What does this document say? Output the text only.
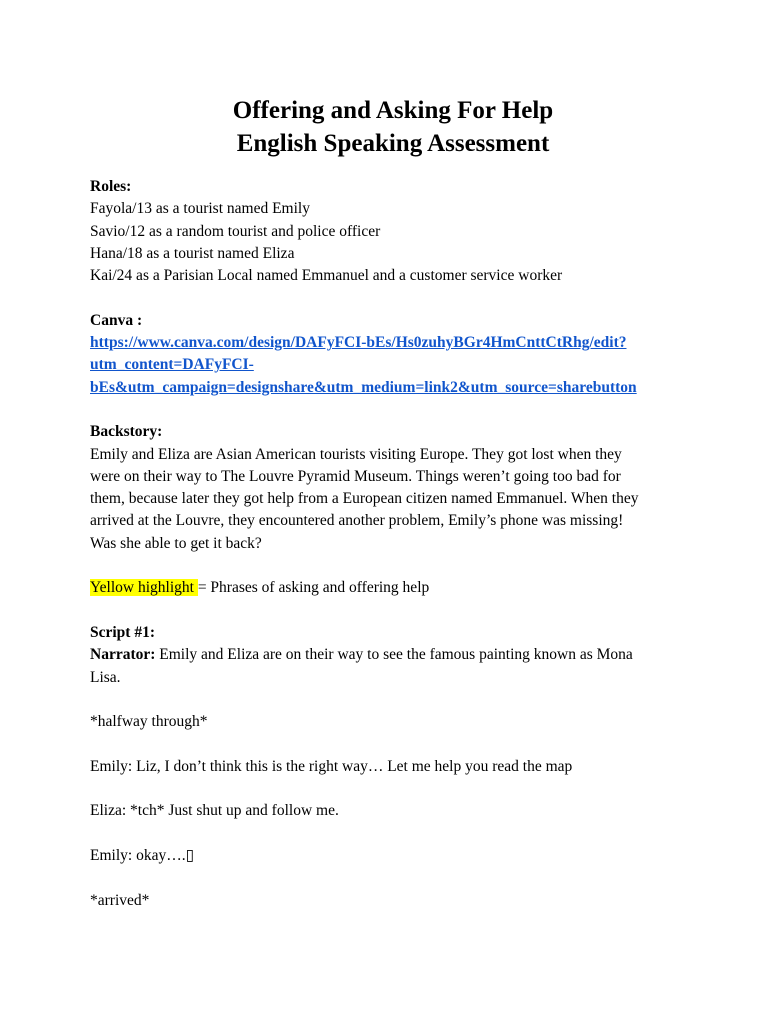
Offering and Asking For Help
English Speaking Assessment
Roles:
Fayola/13 as a tourist named Emily
Savio/12 as a random tourist and police officer
Hana/18 as a tourist named Eliza
Kai/24 as a Parisian Local named Emmanuel and a customer service worker
Canva :
https://www.canva.com/design/DAFyFCI-bEs/Hs0zuhyBGr4HmCnttCtRhg/edit?
utm_content=DAFyFCI-
bEs&utm_campaign=designshare&utm_medium=link2&utm_source=sharebutton
Backstory:
Emily and Eliza are Asian American tourists visiting Europe. They got lost when they
were on their way to The Louvre Pyramid Museum. Things weren’t going too bad for
them, because later they got help from a European citizen named Emmanuel. When they
arrived at the Louvre, they encountered another problem, Emily’s phone was missing!
Was she able to get it back?
Yellow highlight = Phrases of asking and offering help
Script #1:
Narrator: Emily and Eliza are on their way to see the famous painting known as Mona
Lisa.
*halfway through*
Emily: Liz, I don’t think this is the right way… Let me help you read the map
Eliza: *tch* Just shut up and follow me.
Emily: okay….▯
*arrived*
